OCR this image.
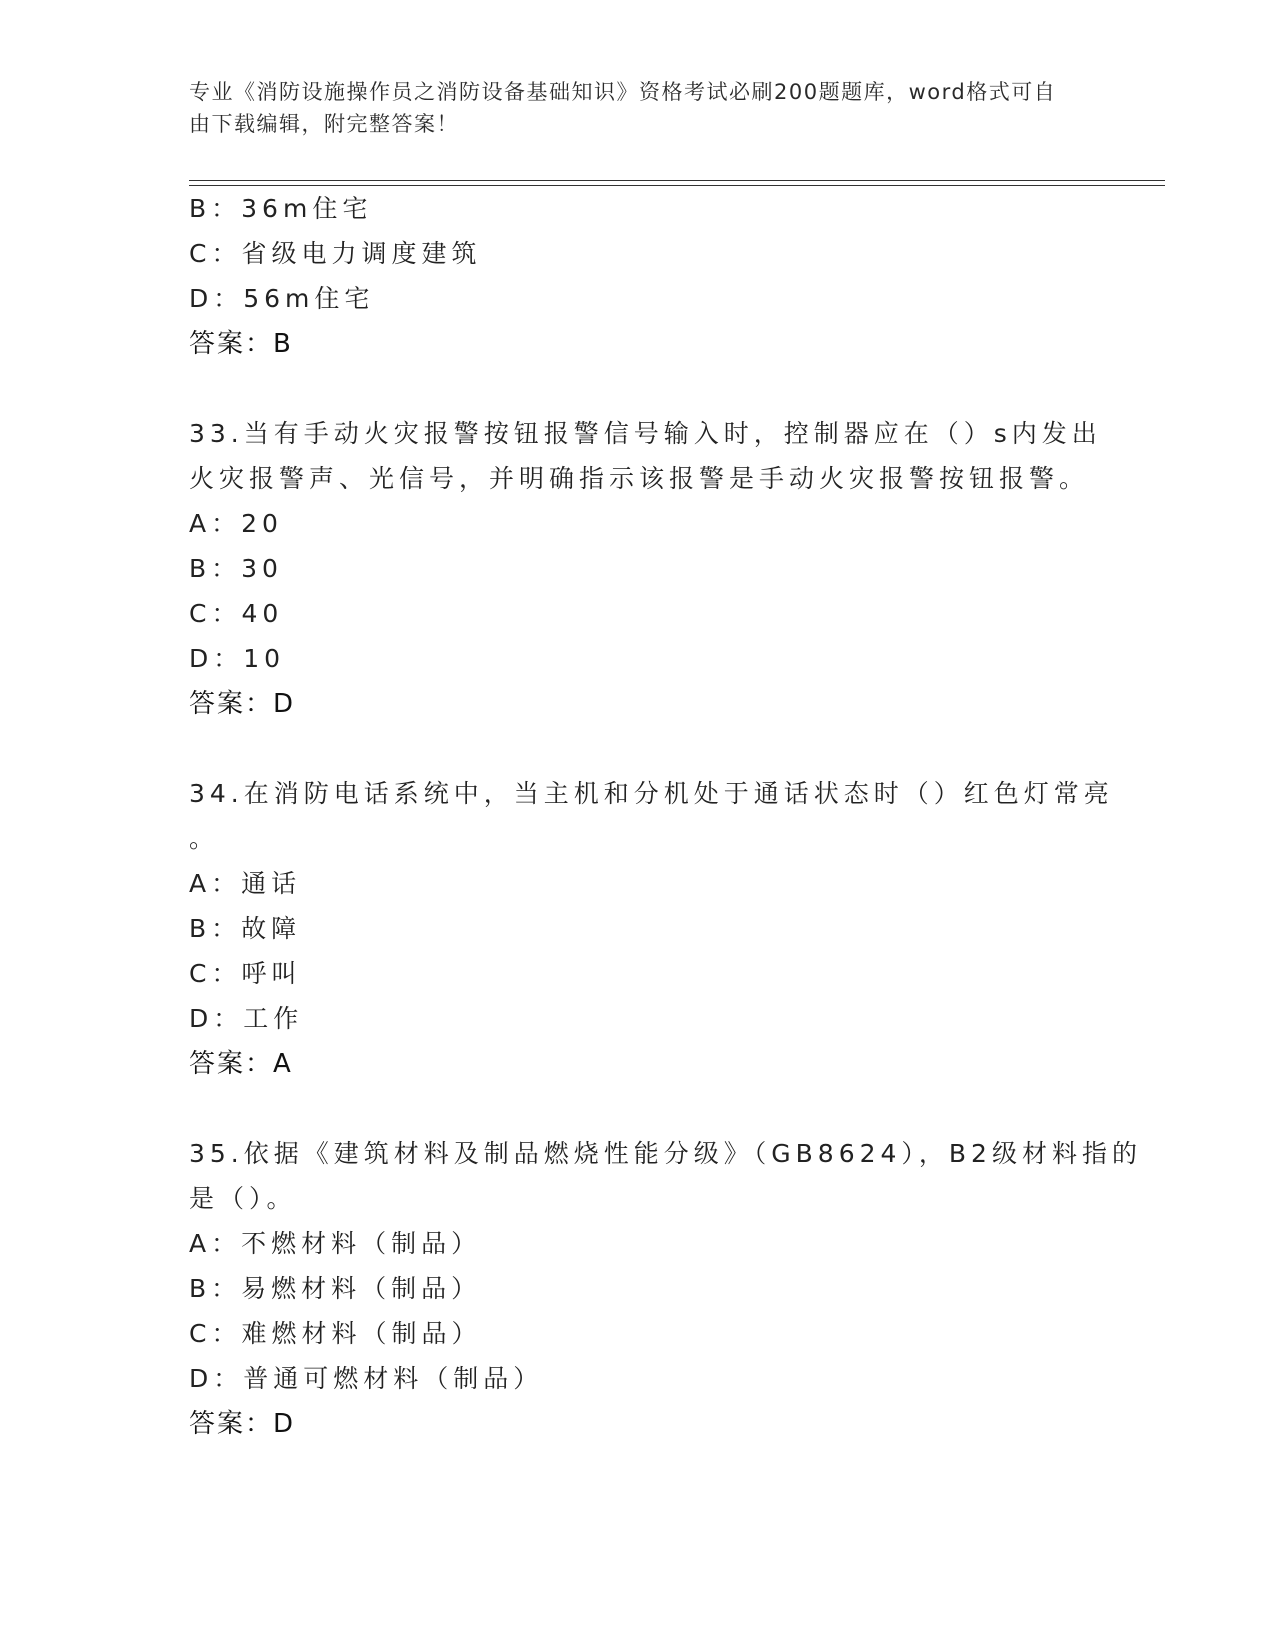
专业《消防设施操作员之消防设备基础知识》资格考试必刷200题题库，word格式可自由下载编辑，附完整答案！
B：36m住宅
C：省级电力调度建筑
D：56m住宅
答案：B
33.当有手动火灾报警按钮报警信号输入时，控制器应在（）s内发出
火灾报警声、光信号，并明确指示该报警是手动火灾报警按钮报警。
A：20
B：30
C：40
D：10
答案：D
34.在消防电话系统中，当主机和分机处于通话状态时（）红色灯常亮
。
A：通话
B：故障
C：呼叫
D：工作
答案：A
35.依据《建筑材料及制品燃烧性能分级》（GB8624），B2级材料指的
是（）。
A：不燃材料（制品）
B：易燃材料（制品）
C：难燃材料（制品）
D：普通可燃材料（制品）
答案：D
